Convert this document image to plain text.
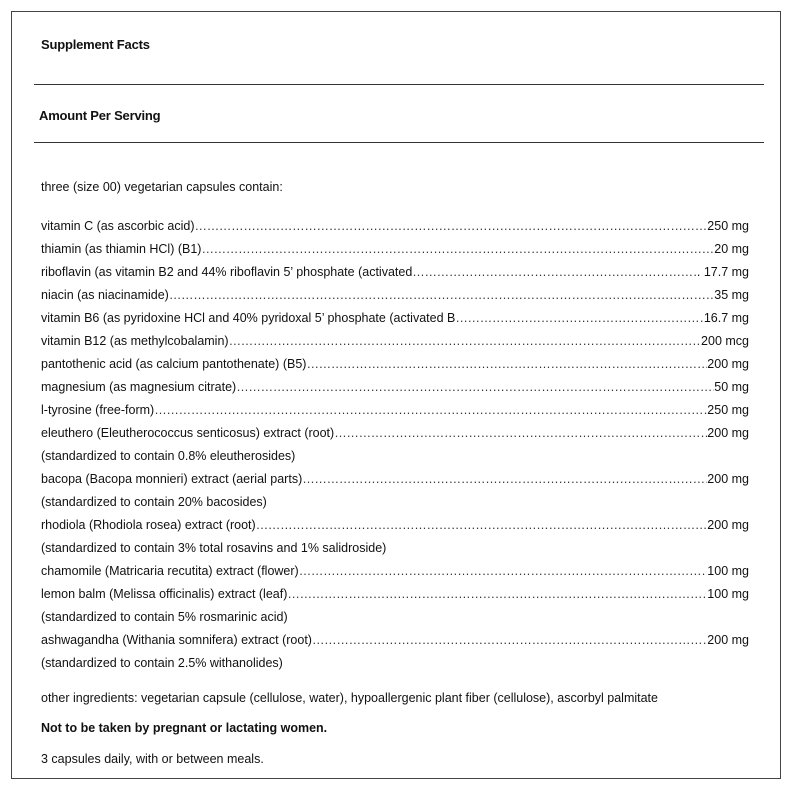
Supplement Facts
Amount Per Serving
three (size 00) vegetarian capsules contain:
vitamin C (as ascorbic acid) ……………………………………………………………………………………………………………………………………………………………………………………………………………	250 mg
thiamin (as thiamin HCl) (B1) ……………………………………………………………………………………………………………………………………………………………………………………………………………	20 mg
riboflavin (as vitamin B2 and 44% riboflavin 5’ phosphate (activated ……………………………………………………………………………………………………………………………………………………………………………………………………………	. 17.7 mg
niacin (as niacinamide) ……………………………………………………………………………………………………………………………………………………………………………………………………………	35 mg
vitamin B6 (as pyridoxine HCl and 40% pyridoxal 5’ phosphate (activated B ……………………………………………………………………………………………………………………………………………………………………………………………………………	16.7 mg
vitamin B12 (as methylcobalamin) ……………………………………………………………………………………………………………………………………………………………………………………………………………	200 mcg
pantothenic acid (as calcium pantothenate) (B5) ……………………………………………………………………………………………………………………………………………………………………………………………………………	200 mg
magnesium (as magnesium citrate) ……………………………………………………………………………………………………………………………………………………………………………………………………………	50 mg
l-tyrosine (free-form) ……………………………………………………………………………………………………………………………………………………………………………………………………………	250 mg
eleuthero (Eleutherococcus senticosus) extract (root) ……………………………………………………………………………………………………………………………………………………………………………………………………………	200 mg
(standardized to contain 0.8% eleutherosides)
bacopa (Bacopa monnieri) extract (aerial parts) ……………………………………………………………………………………………………………………………………………………………………………………………………………	200 mg
(standardized to contain 20% bacosides)
rhodiola (Rhodiola rosea) extract (root) ……………………………………………………………………………………………………………………………………………………………………………………………………………	200 mg
(standardized to contain 3% total rosavins and 1% salidroside)
chamomile (Matricaria recutita) extract (flower) ……………………………………………………………………………………………………………………………………………………………………………………………………………	100 mg
lemon balm (Melissa officinalis) extract (leaf) ……………………………………………………………………………………………………………………………………………………………………………………………………………	100 mg
(standardized to contain 5% rosmarinic acid)
ashwagandha (Withania somnifera) extract (root) ……………………………………………………………………………………………………………………………………………………………………………………………………………	200 mg
(standardized to contain 2.5% withanolides)
other ingredients: vegetarian capsule (cellulose, water), hypoallergenic plant fiber (cellulose), ascorbyl palmitate
Not to be taken by pregnant or lactating women.
3 capsules daily, with or between meals.
